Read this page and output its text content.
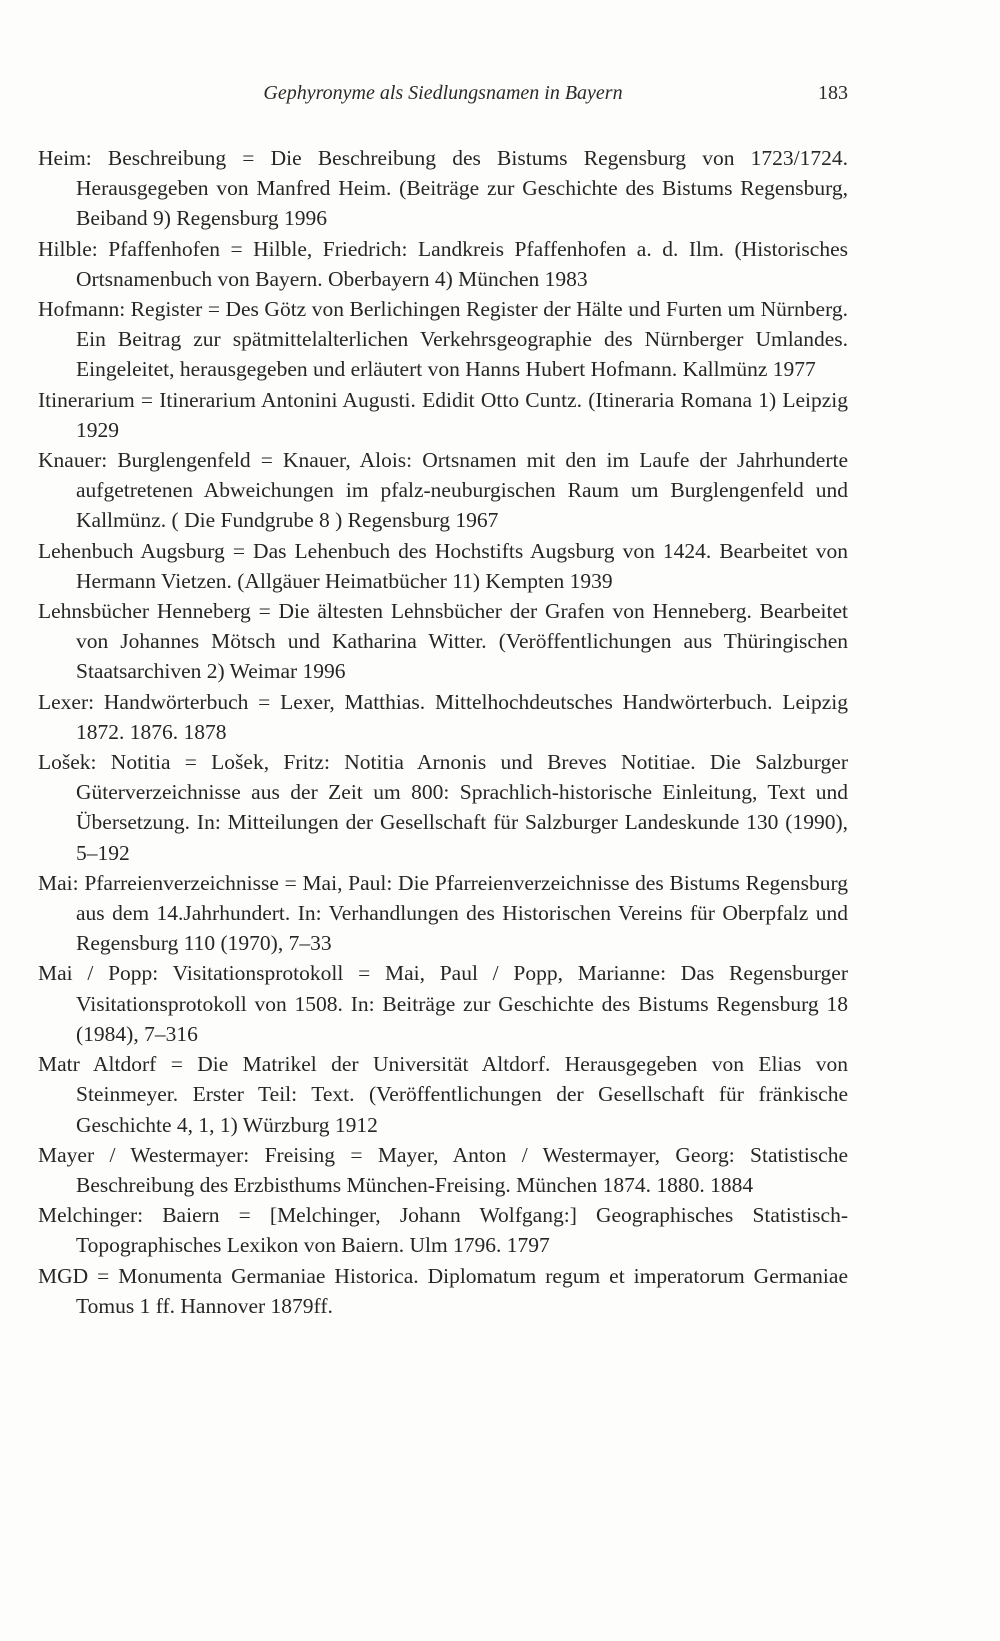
Gephyronyme als Siedlungsnamen in Bayern	183
Heim: Beschreibung = Die Beschreibung des Bistums Regensburg von 1723/1724. Herausgegeben von Manfred Heim. (Beiträge zur Geschichte des Bistums Regensburg, Beiband 9) Regensburg 1996
Hilble: Pfaffenhofen = Hilble, Friedrich: Landkreis Pfaffenhofen a. d. Ilm. (Historisches Ortsnamenbuch von Bayern. Oberbayern 4) München 1983
Hofmann: Register = Des Götz von Berlichingen Register der Hälte und Furten um Nürnberg. Ein Beitrag zur spätmittelalterlichen Verkehrsgeographie des Nürnberger Umlandes. Eingeleitet, herausgegeben und erläutert von Hanns Hubert Hofmann. Kallmünz 1977
Itinerarium = Itinerarium Antonini Augusti. Edidit Otto Cuntz. (Itineraria Romana 1) Leipzig 1929
Knauer: Burglengenfeld = Knauer, Alois: Ortsnamen mit den im Laufe der Jahrhunderte aufgetretenen Abweichungen im pfalz-neuburgischen Raum um Burglengenfeld und Kallmünz. ( Die Fundgrube 8 ) Regensburg 1967
Lehenbuch Augsburg = Das Lehenbuch des Hochstifts Augsburg von 1424. Bearbeitet von Hermann Vietzen. (Allgäuer Heimatbücher 11) Kempten 1939
Lehnsbücher Henneberg = Die ältesten Lehnsbücher der Grafen von Henneberg. Bearbeitet von Johannes Mötsch und Katharina Witter. (Veröffentlichungen aus Thüringischen Staatsarchiven 2) Weimar 1996
Lexer: Handwörterbuch = Lexer, Matthias. Mittelhochdeutsches Handwörterbuch. Leipzig 1872. 1876. 1878
Lošek: Notitia = Lošek, Fritz: Notitia Arnonis und Breves Notitiae. Die Salzburger Güterverzeichnisse aus der Zeit um 800: Sprachlich-historische Einleitung, Text und Übersetzung. In: Mitteilungen der Gesellschaft für Salzburger Landeskunde 130 (1990), 5–192
Mai: Pfarreienverzeichnisse = Mai, Paul: Die Pfarreienverzeichnisse des Bistums Regensburg aus dem 14.Jahrhundert. In: Verhandlungen des Historischen Vereins für Oberpfalz und Regensburg 110 (1970), 7–33
Mai / Popp: Visitationsprotokoll = Mai, Paul / Popp, Marianne: Das Regensburger Visitationsprotokoll von 1508. In: Beiträge zur Geschichte des Bistums Regensburg 18 (1984), 7–316
Matr Altdorf = Die Matrikel der Universität Altdorf. Herausgegeben von Elias von Steinmeyer. Erster Teil: Text. (Veröffentlichungen der Gesellschaft für fränkische Geschichte 4, 1, 1) Würzburg 1912
Mayer / Westermayer: Freising = Mayer, Anton / Westermayer, Georg: Statistische Beschreibung des Erzbisthums München-Freising. München 1874. 1880. 1884
Melchinger: Baiern = [Melchinger, Johann Wolfgang:] Geographisches Statistisch-Topographisches Lexikon von Baiern. Ulm 1796. 1797
MGD = Monumenta Germaniae Historica. Diplomatum regum et imperatorum Germaniae Tomus 1 ff. Hannover 1879ff.
